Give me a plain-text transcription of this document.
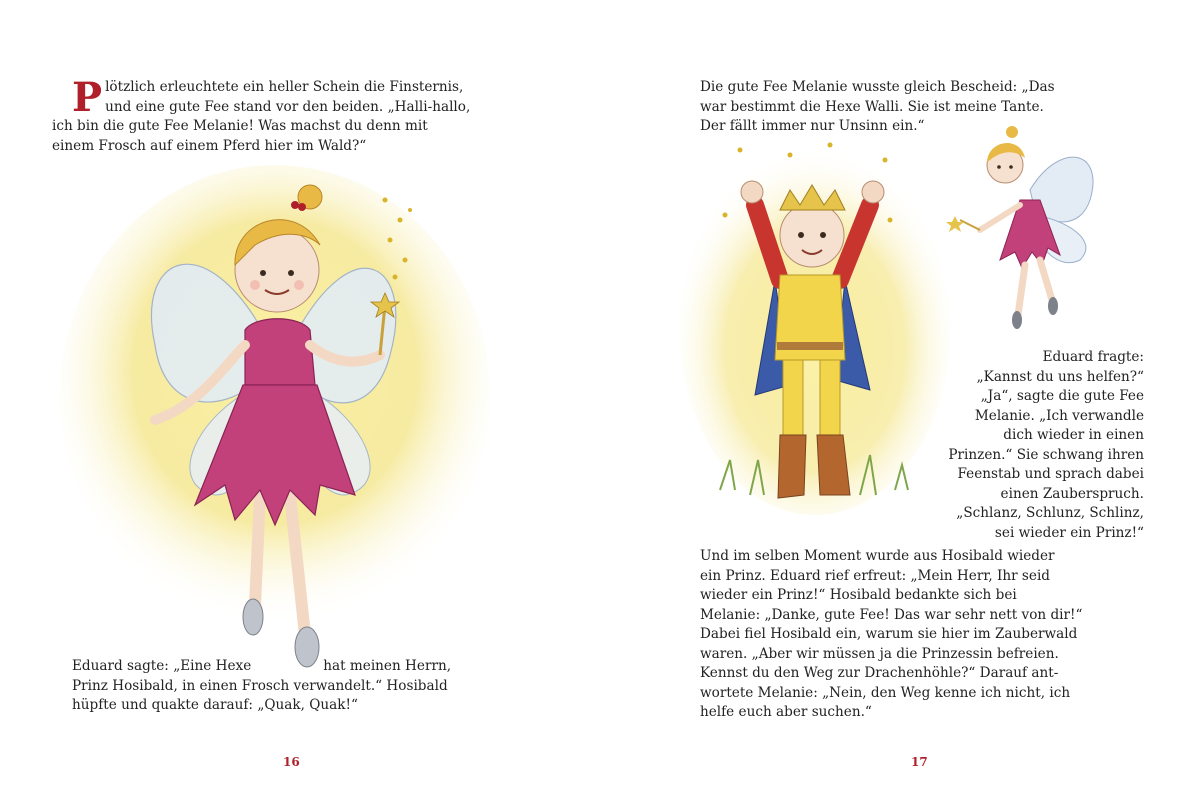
P lötzlich erleuchtete ein heller Schein die Finsternis,
und eine gute Fee stand vor den beiden. „Halli-hallo,
ich bin die gute Fee Melanie! Was machst du denn mit
einem Frosch auf einem Pferd hier im Wald?“
Eduard sagte: „Eine Hexe	hat meinen Herrn,
Prinz Hosibald, in einen Frosch verwandelt.“ Hosibald
hüpfte und quakte darauf: „Quak, Quak!“
16
Die gute Fee Melanie wusste gleich Bescheid: „Das
war bestimmt die Hexe Walli. Sie ist meine Tante.
Der fällt immer nur Unsinn ein.“
Eduard fragte:
„Kannst du uns helfen?“
„Ja“, sagte die gute Fee
Melanie. „Ich verwandle
dich wieder in einen
Prinzen.“ Sie schwang ihren
Feenstab und sprach dabei
einen Zauberspruch.
„Schlanz, Schlunz, Schlinz,
sei wieder ein Prinz!“
Und im selben Moment wurde aus Hosibald wieder
ein Prinz. Eduard rief erfreut: „Mein Herr, Ihr seid
wieder ein Prinz!“ Hosibald bedankte sich bei
Melanie: „Danke, gute Fee! Das war sehr nett von dir!“
Dabei fiel Hosibald ein, warum sie hier im Zauberwald
waren. „Aber wir müssen ja die Prinzessin befreien.
Kennst du den Weg zur Drachenhöhle?“ Darauf ant-
wortete Melanie: „Nein, den Weg kenne ich nicht, ich
helfe euch aber suchen.“
17
